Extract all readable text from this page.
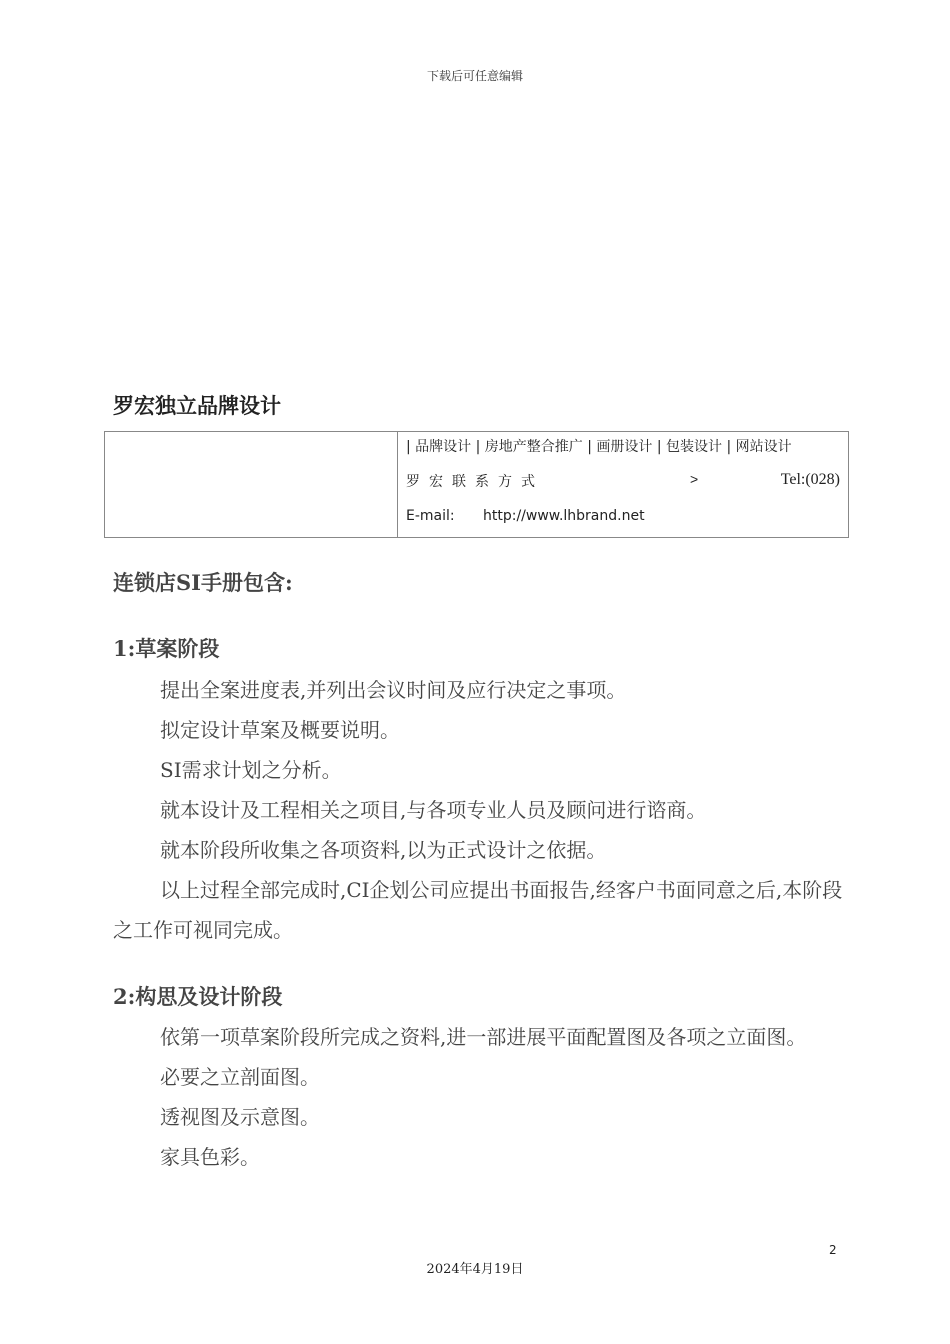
下载后可任意编辑
罗宏独立品牌设计
| 品牌设计 | 房地产整合推广 | 画册设计 | 包装设计 | 网站设计
罗宏联系方式	>	Tel:(028)
E-mail: http://www.lhbrand.net
连锁店SI手册包含:
1:草案阶段

提出全案进度表,并列出会议时间及应行决定之事项。

拟定设计草案及概要说明。

SI需求计划之分析。

就本设计及工程相关之项目,与各项专业人员及顾问进行谘商。

就本阶段所收集之各项资料,以为正式设计之依据。

以上过程全部完成时,CI企划公司应提出书面报告,经客户书面同意之后,本阶段之工作可视同完成。

2:构思及设计阶段

依第一项草案阶段所完成之资料,进一部进展平面配置图及各项之立面图。

必要之立剖面图。

透视图及示意图。

家具色彩。

2
2024年4月19日
